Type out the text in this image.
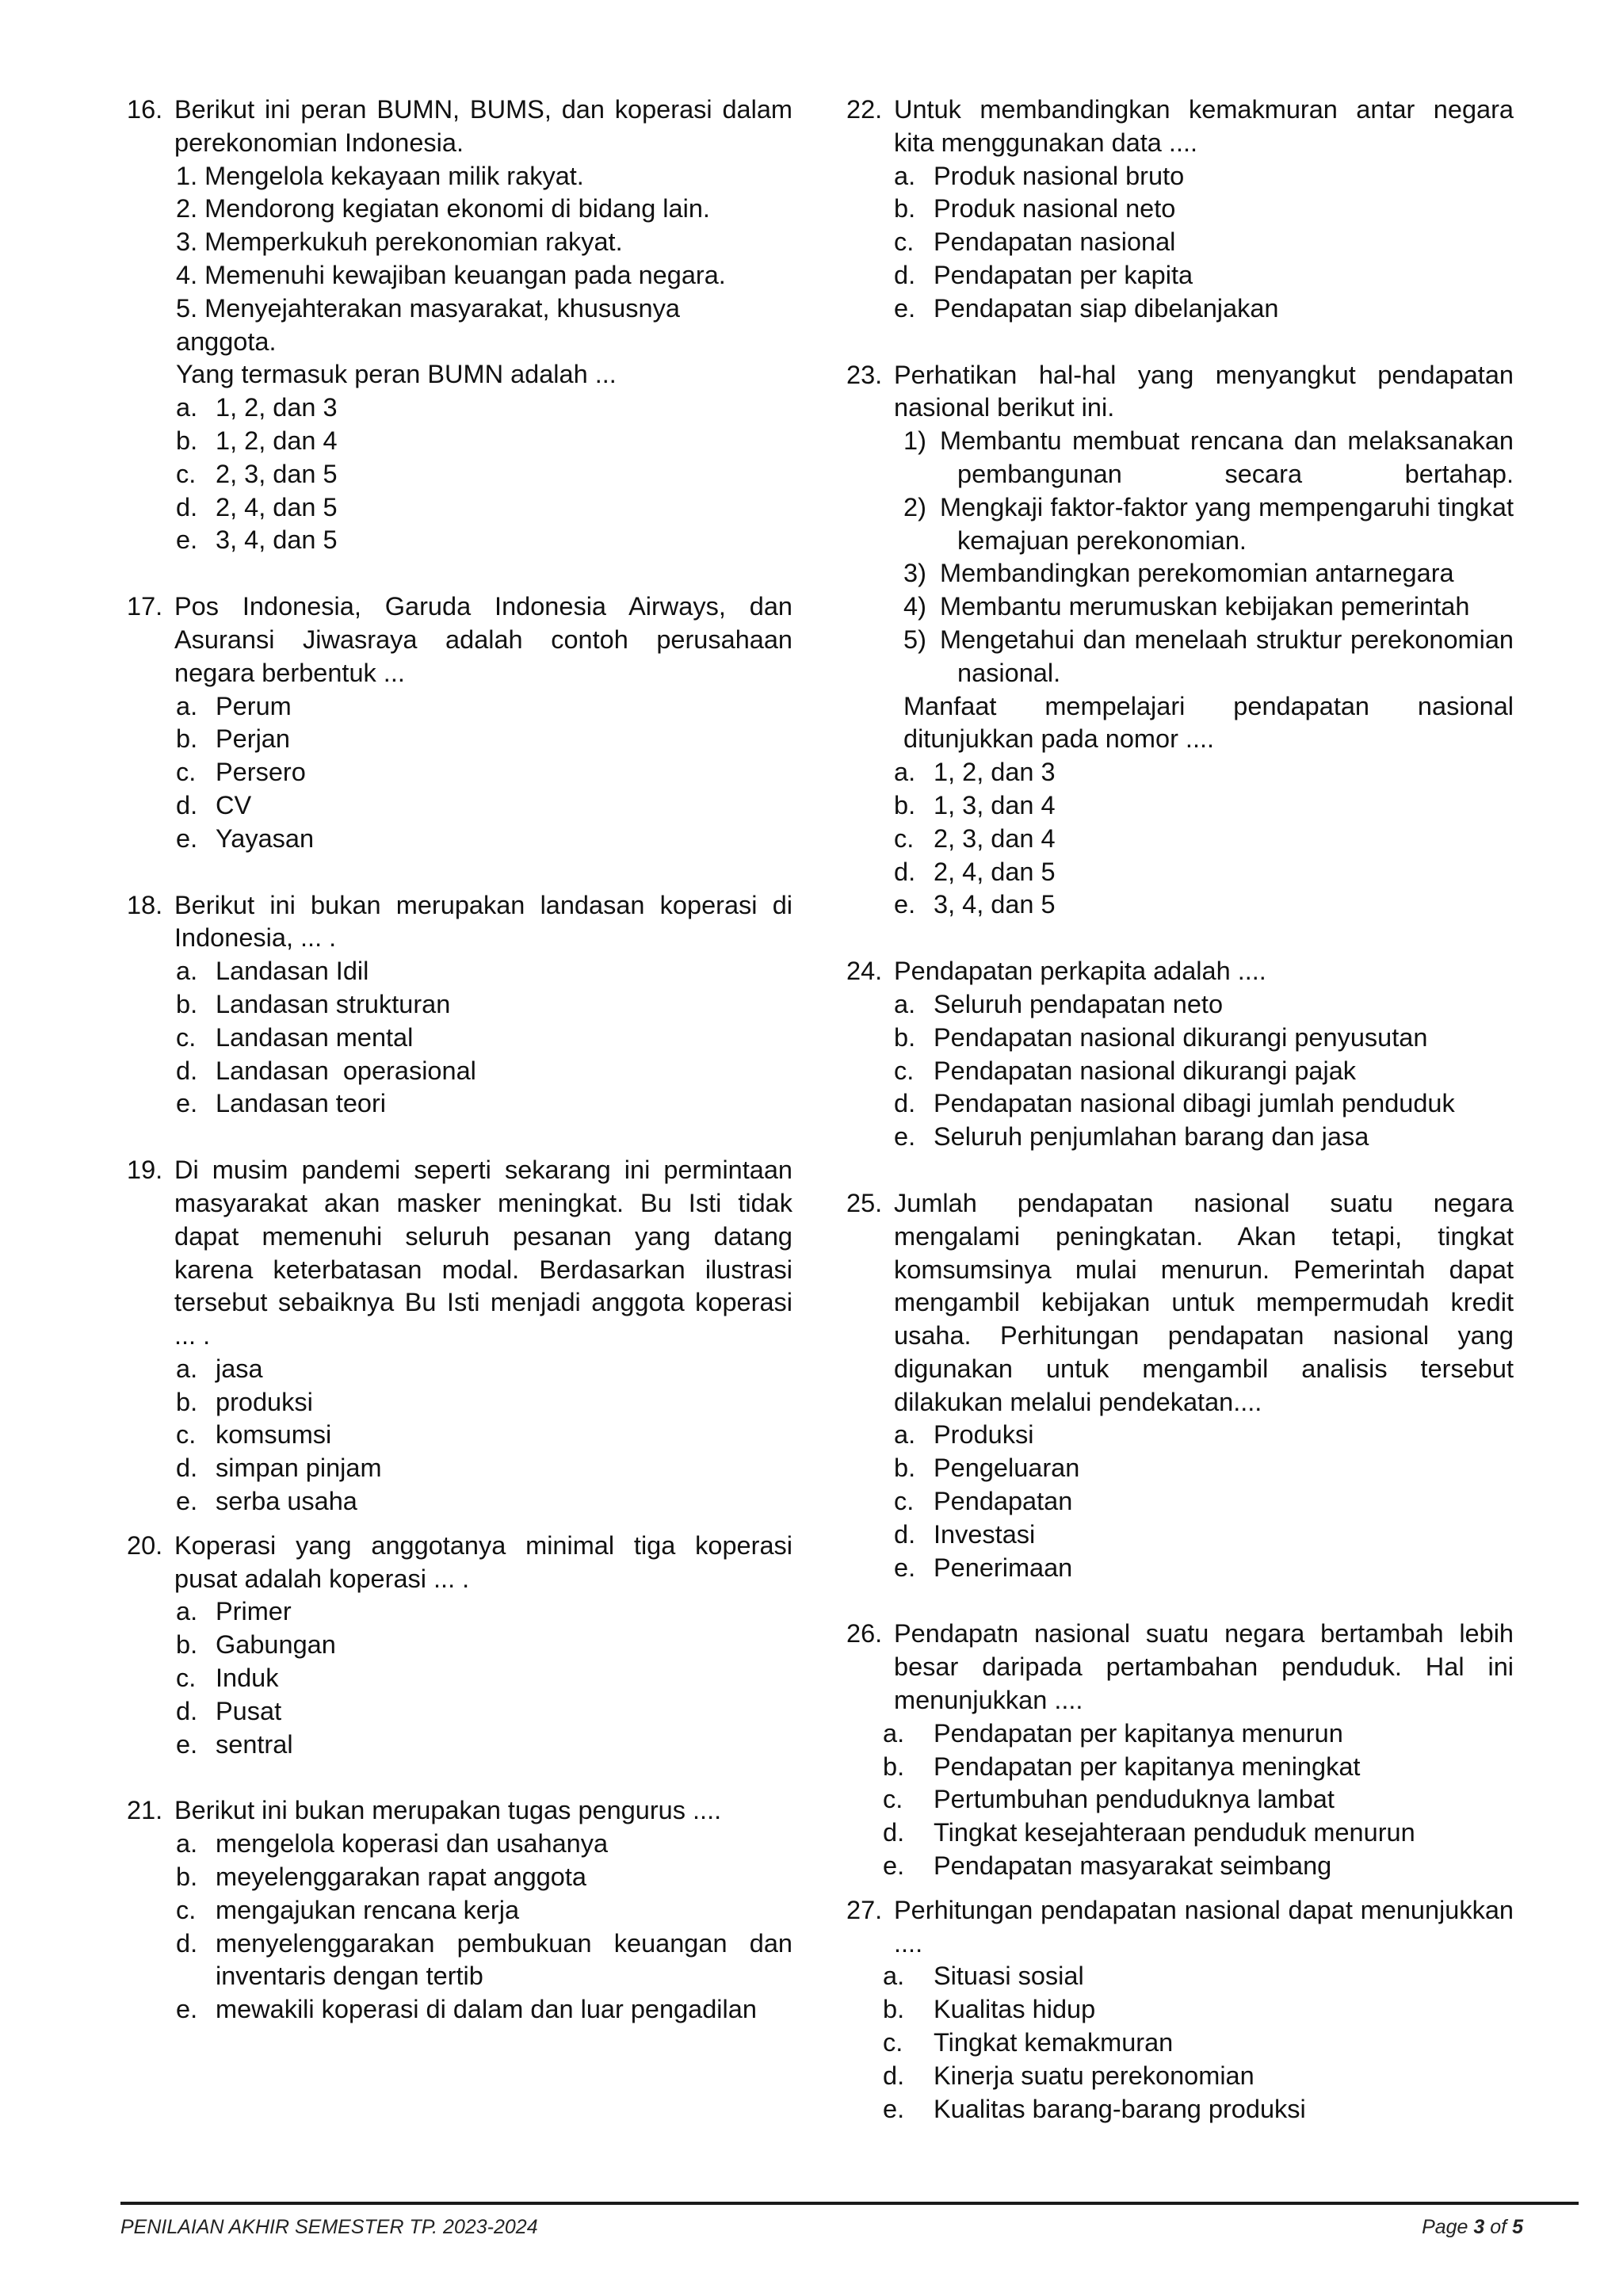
16. Berikut ini peran BUMN, BUMS, dan koperasi dalam perekonomian Indonesia.
1. Mengelola kekayaan milik rakyat.
2. Mendorong kegiatan ekonomi di bidang lain.
3. Memperkukuh perekonomian rakyat.
4. Memenuhi kewajiban keuangan pada negara.
5. Menyejahterakan masyarakat, khususnya anggota.
Yang termasuk peran BUMN adalah ...
a. 1, 2, dan 3
b. 1, 2, dan 4
c. 2, 3, dan 5
d. 2, 4, dan 5
e. 3, 4, dan 5
17. Pos Indonesia, Garuda Indonesia Airways, dan Asuransi Jiwasraya adalah contoh perusahaan negara berbentuk ...
a. Perum
b. Perjan
c. Persero
d. CV
e. Yayasan
18. Berikut ini bukan merupakan landasan koperasi di Indonesia, ... .
a. Landasan Idil
b. Landasan strukturan
c. Landasan mental
d. Landasan  operasional
e. Landasan teori
19. Di musim pandemi seperti sekarang ini permintaan masyarakat akan masker meningkat. Bu Isti tidak dapat memenuhi seluruh pesanan yang datang karena keterbatasan modal. Berdasarkan ilustrasi tersebut sebaiknya Bu Isti menjadi anggota koperasi ... .
a. jasa
b. produksi
c. komsumsi
d. simpan pinjam
e. serba usaha
20. Koperasi yang anggotanya minimal tiga koperasi pusat adalah koperasi ... .
a. Primer
b. Gabungan
c. Induk
d. Pusat
e. sentral
21. Berikut ini bukan merupakan tugas pengurus ....
a. mengelola koperasi dan usahanya
b. meyelenggarakan rapat anggota
c. mengajukan rencana kerja
d. menyelenggarakan pembukuan keuangan dan inventaris dengan tertib
e. mewakili koperasi di dalam dan luar pengadilan
22. Untuk membandingkan kemakmuran antar negara kita menggunakan data ....
a. Produk nasional bruto
b. Produk nasional neto
c. Pendapatan nasional
d. Pendapatan per kapita
e. Pendapatan siap dibelanjakan
23. Perhatikan hal-hal yang menyangkut pendapatan nasional berikut ini.
1) Membantu membuat rencana dan melaksanakan pembangunan secara bertahap.
2) Mengkaji faktor-faktor yang mempengaruhi tingkat kemajuan perekonomian.
3) Membandingkan perekomomian antarnegara
4) Membantu merumuskan kebijakan pemerintah
5) Mengetahui dan menelaah struktur perekonomian nasional.
Manfaat mempelajari pendapatan nasional ditunjukkan pada nomor ....
a. 1, 2, dan 3
b. 1, 3, dan 4
c. 2, 3, dan 4
d. 2, 4, dan 5
e. 3, 4, dan 5
24. Pendapatan perkapita adalah ....
a. Seluruh pendapatan neto
b. Pendapatan nasional dikurangi penyusutan
c. Pendapatan nasional dikurangi pajak
d. Pendapatan nasional dibagi jumlah penduduk
e. Seluruh penjumlahan barang dan jasa
25. Jumlah pendapatan nasional suatu negara mengalami peningkatan. Akan tetapi, tingkat komsumsinya mulai menurun. Pemerintah dapat mengambil kebijakan untuk mempermudah kredit usaha. Perhitungan pendapatan nasional yang digunakan untuk mengambil analisis tersebut dilakukan melalui pendekatan....
a. Produksi
b. Pengeluaran
c. Pendapatan
d. Investasi
e. Penerimaan
26. Pendapatn nasional suatu negara bertambah lebih besar daripada pertambahan penduduk. Hal ini menunjukkan ....
a. Pendapatan per kapitanya menurun
b. Pendapatan per kapitanya meningkat
c. Pertumbuhan penduduknya lambat
d. Tingkat kesejahteraan penduduk menurun
e. Pendapatan masyarakat seimbang
27. Perhitungan pendapatan nasional dapat menunjukkan ....
a. Situasi sosial
b. Kualitas hidup
c. Tingkat kemakmuran
d. Kinerja suatu perekonomian
e. Kualitas barang-barang produksi
PENILAIAN AKHIR SEMESTER TP. 2023-2024	Page 3 of 5
